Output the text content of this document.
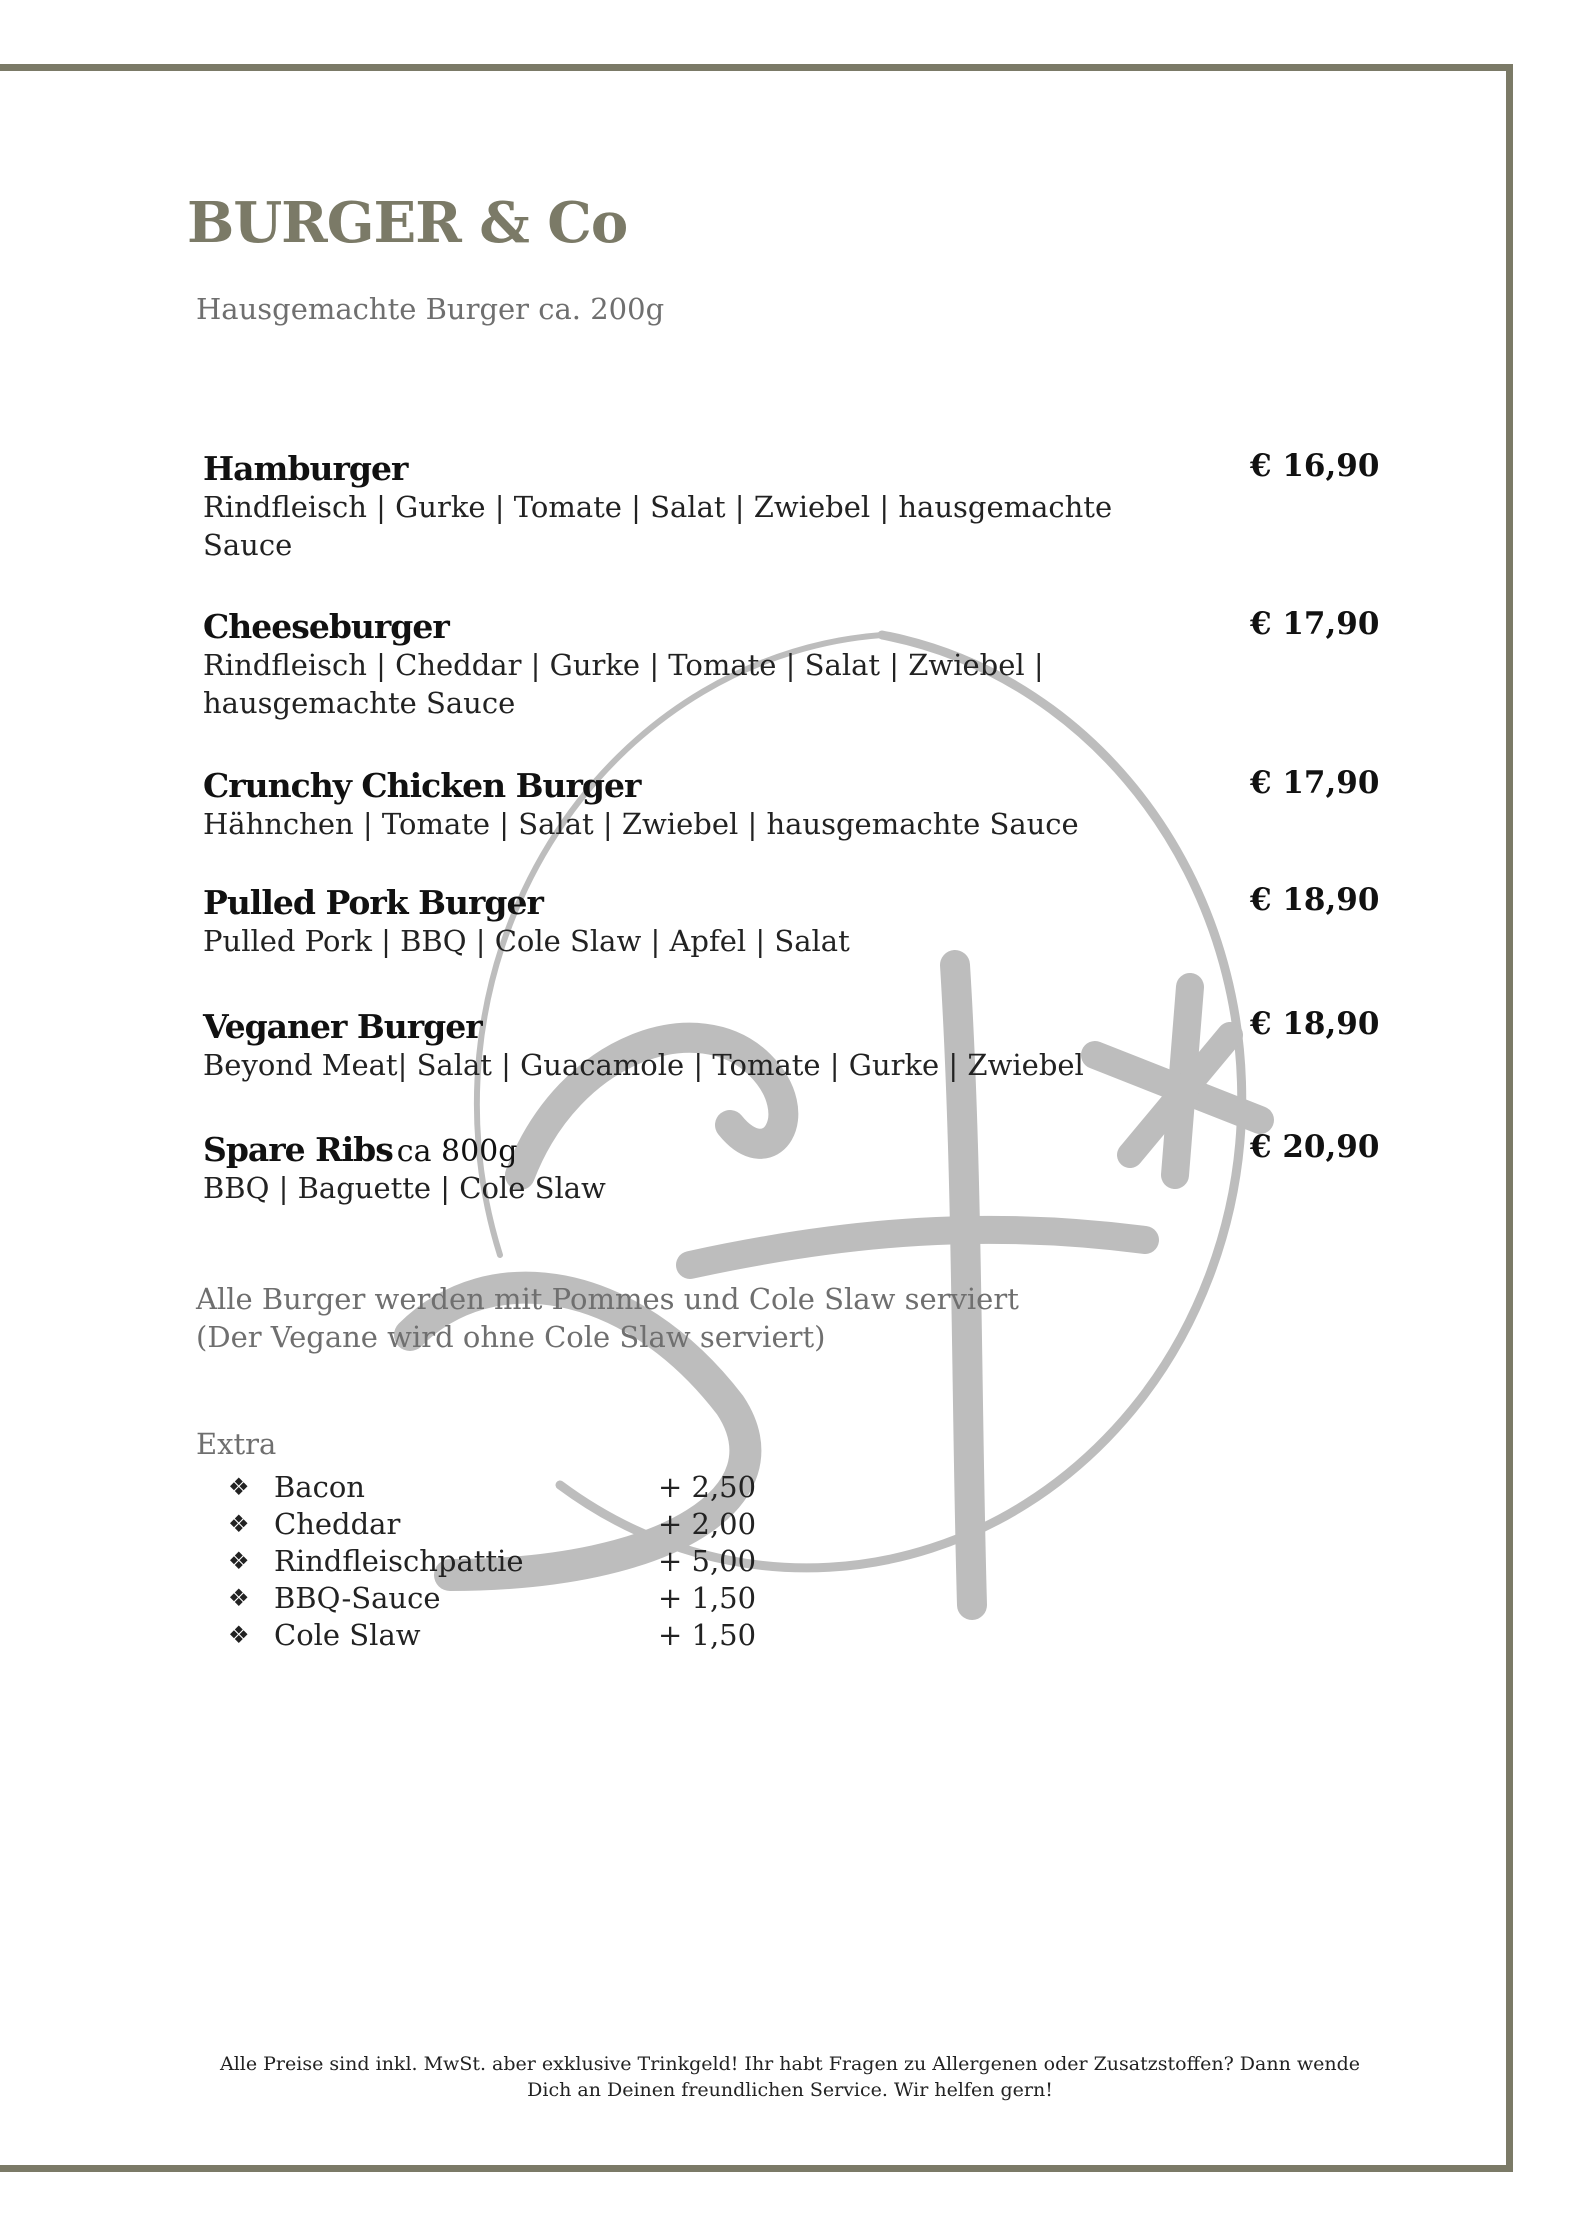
BURGER & Co

Hausgemachte Burger ca. 200g

Hamburger
Rindfleisch | Gurke | Tomate | Salat | Zwiebel | hausgemachte Sauce
€ 16,90
Cheeseburger
Rindfleisch | Cheddar | Gurke | Tomate | Salat | Zwiebel | hausgemachte Sauce
€ 17,90
Crunchy Chicken Burger
Hähnchen | Tomate | Salat | Zwiebel | hausgemachte Sauce
€ 17,90
Pulled Pork Burger
Pulled Pork | BBQ | Cole Slaw | Apfel | Salat
€ 18,90
Veganer Burger
Beyond Meat| Salat | Guacamole | Tomate | Gurke | Zwiebel
€ 18,90
Spare Ribs ca 800g
BBQ | Baguette | Cole Slaw
€ 20,90
Alle Burger werden mit Pommes und Cole Slaw serviert
(Der Vegane wird ohne Cole Slaw serviert)
Extra
❖ Bacon	+ 2,50
❖ Cheddar	+ 2,00
❖ Rindfleischpattie	+ 5,00
❖ BBQ-Sauce	+ 1,50
❖ Cole Slaw	+ 1,50
Alle Preise sind inkl. MwSt. aber exklusive Trinkgeld! Ihr habt Fragen zu Allergenen oder Zusatzstoffen? Dann wende
Dich an Deinen freundlichen Service. Wir helfen gern!
